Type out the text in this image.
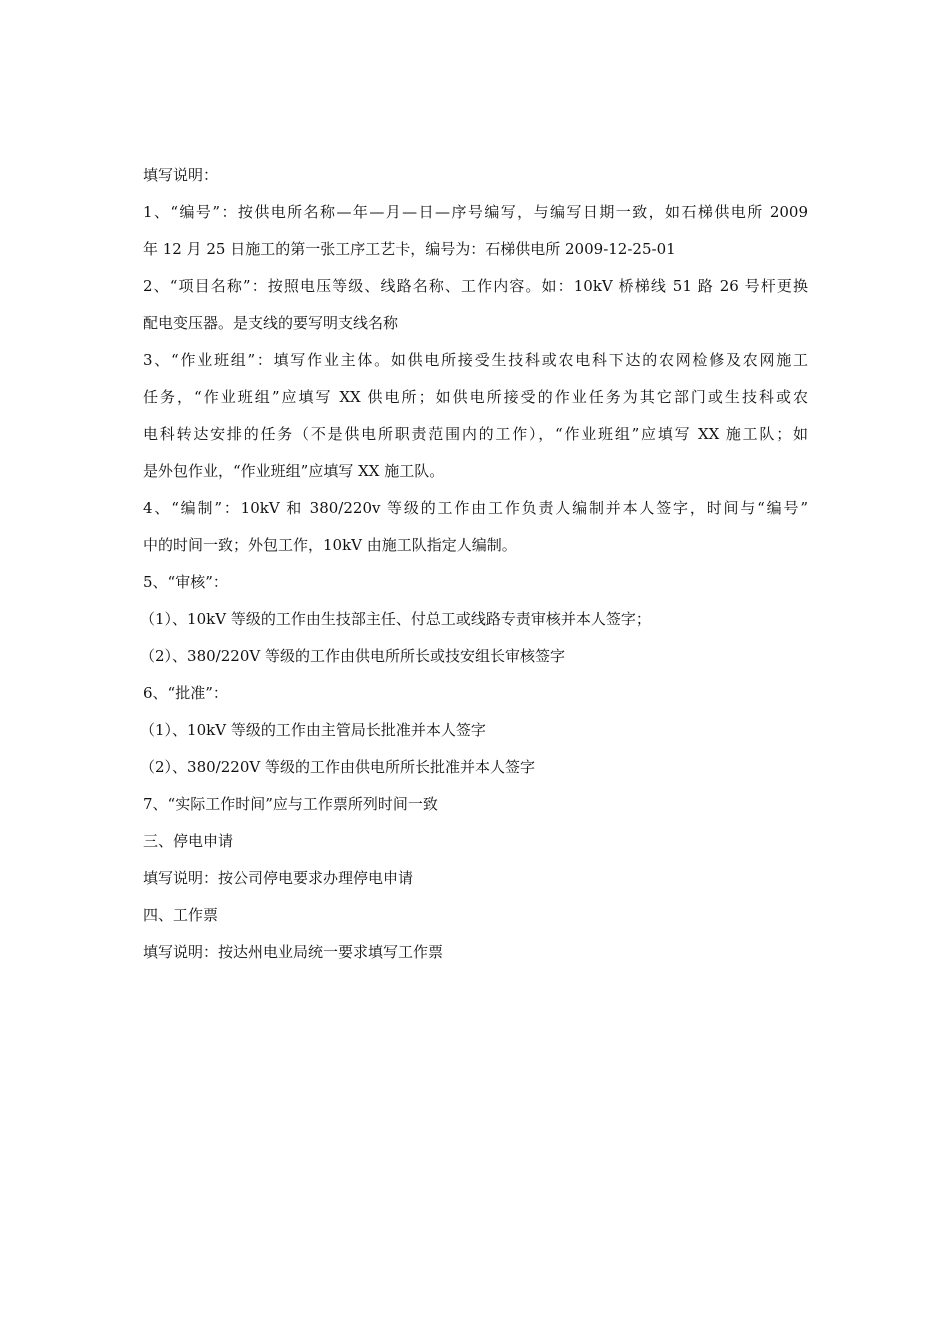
填写说明：
1、“编号”：按供电所名称—年—月—日—序号编写，与编写日期一致，如石梯供电所 2009
年 12 月 25 日施工的第一张工序工艺卡，编号为：石梯供电所 2009-12-25-01
2、“项目名称”：按照电压等级、线路名称、工作内容。如：10kV 桥梯线 51 路 26 号杆更换
配电变压器。是支线的要写明支线名称
3、“作业班组”：填写作业主体。如供电所接受生技科或农电科下达的农网检修及农网施工
任务，“作业班组”应填写 XX 供电所；如供电所接受的作业任务为其它部门或生技科或农
电科转达安排的任务（不是供电所职责范围内的工作），“作业班组”应填写 XX 施工队；如
是外包作业，“作业班组”应填写 XX 施工队。
4、“编制”：10kV 和 380/220v 等级的工作由工作负责人编制并本人签字，时间与“编号”
中的时间一致；外包工作，10kV 由施工队指定人编制。
5、“审核”：
（1）、10kV 等级的工作由生技部主任、付总工或线路专责审核并本人签字；
（2）、380/220V 等级的工作由供电所所长或技安组长审核签字
6、“批准”：
（1）、10kV 等级的工作由主管局长批准并本人签字
（2）、380/220V 等级的工作由供电所所长批准并本人签字
7、“实际工作时间”应与工作票所列时间一致
三、停电申请
填写说明：按公司停电要求办理停电申请
四、工作票
填写说明：按达州电业局统一要求填写工作票
